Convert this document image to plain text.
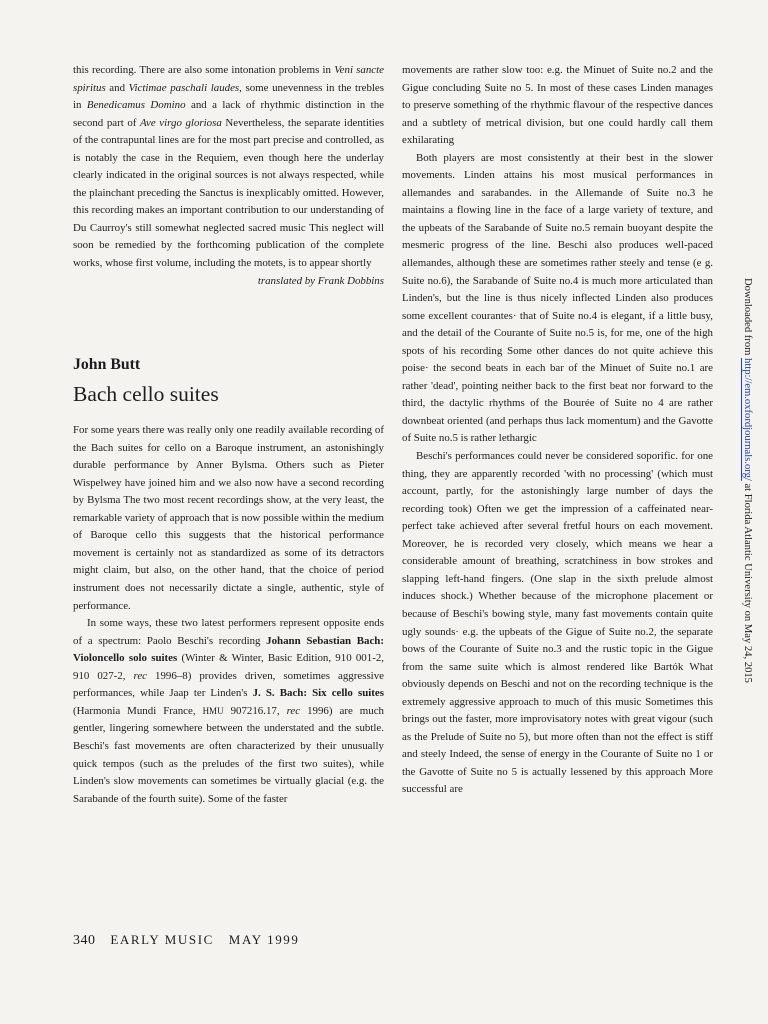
this recording. There are also some intonation problems in Veni sancte spiritus and Victimae paschali laudes, some unevenness in the trebles in Benedicamus Domino and a lack of rhythmic distinction in the second part of Ave virgo gloriosa Nevertheless, the separate identities of the contrapuntal lines are for the most part precise and controlled, as is notably the case in the Requiem, even though here the underlay clearly indicated in the original sources is not always respected, while the plainchant preceding the Sanctus is inexplicably omitted. However, this recording makes an important contribution to our understanding of Du Caurroy's still somewhat neglected sacred music This neglect will soon be remedied by the forthcoming publication of the complete works, whose first volume, including the motets, is to appear shortly

translated by Frank Dobbins

John Butt
Bach cello suites

For some years there was really only one readily available recording of the Bach suites for cello on a Baroque instrument, an astonishingly durable performance by Anner Bylsma. Others such as Pieter Wispelwey have joined him and we also now have a second recording by Bylsma The two most recent recordings show, at the very least, the remarkable variety of approach that is now possible within the medium of Baroque cello this suggests that the historical performance movement is certainly not as standardized as some of its detractors might claim, but also, on the other hand, that the choice of period instrument does not necessarily dictate a single, authentic, style of performance.

In some ways, these two latest performers represent opposite ends of a spectrum: Paolo Beschi's recording Johann Sebastian Bach: Violoncello solo suites (Winter & Winter, Basic Edition, 910 001-2, 910 027-2, rec 1996–8) provides driven, sometimes aggressive performances, while Jaap ter Linden's J. S. Bach: Six cello suites (Harmonia Mundi France, HMU 907216.17, rec 1996) are much gentler, lingering somewhere between the understated and the subtle. Beschi's fast movements are often characterized by their unusually quick tempos (such as the preludes of the first two suites), while Linden's slow movements can sometimes be virtually glacial (e.g. the Sarabande of the fourth suite). Some of the faster

movements are rather slow too: e.g. the Minuet of Suite no.2 and the Gigue concluding Suite no 5. In most of these cases Linden manages to preserve something of the rhythmic flavour of the respective dances and a subtlety of metrical division, but one could hardly call them exhilarating

Both players are most consistently at their best in the slower movements. Linden attains his most musical performances in allemandes and sarabandes. in the Allemande of Suite no.3 he maintains a flowing line in the face of a large variety of texture, and the upbeats of the Sarabande of Suite no.5 remain buoyant despite the mesmeric progress of the line. Beschi also produces well-paced allemandes, although these are sometimes rather steely and tense (e g. Suite no.6), the Sarabande of Suite no.4 is much more articulated than Linden's, but the line is thus nicely inflected Linden also produces some excellent courantes· that of Suite no.4 is elegant, if a little busy, and the detail of the Courante of Suite no.5 is, for me, one of the high spots of his recording Some other dances do not quite achieve this poise· the second beats in each bar of the Minuet of Suite no.1 are rather 'dead', pointing neither back to the first beat nor forward to the third, the dactylic rhythms of the Bourée of Suite no 4 are rather downbeat oriented (and perhaps thus lack momentum) and the Gavotte of Suite no.5 is rather lethargic

Beschi's performances could never be considered soporific. for one thing, they are apparently recorded 'with no processing' (which must account, partly, for the astonishingly large number of days the recording took) Often we get the impression of a caffeinated near-perfect take achieved after several fretful hours on each movement. Moreover, he is recorded very closely, which means we hear a considerable amount of breathing, scratchiness in bow strokes and slapping left-hand fingers. (One slap in the sixth prelude almost induces shock.) Whether because of the microphone placement or because of Beschi's bowing style, many fast movements contain quite ugly sounds· e.g. the upbeats of the Gigue of Suite no.2, the separate bows of the Courante of Suite no.3 and the rustic topic in the Gigue from the same suite which is almost rendered like Bartók What obviously depends on Beschi and not on the recording technique is the extremely aggressive approach to much of this music Sometimes this brings out the faster, more improvisatory notes with great vigour (such as the Prelude of Suite no 5), but more often than not the effect is stiff and steely Indeed, the sense of energy in the Courante of Suite no 1 or the Gavotte of Suite no 5 is actually lessened by this approach More successful are

340 EARLY MUSIC MAY 1999
Downloaded from http://em.oxfordjournals.org/ at Florida Atlantic University on May 24, 2015
